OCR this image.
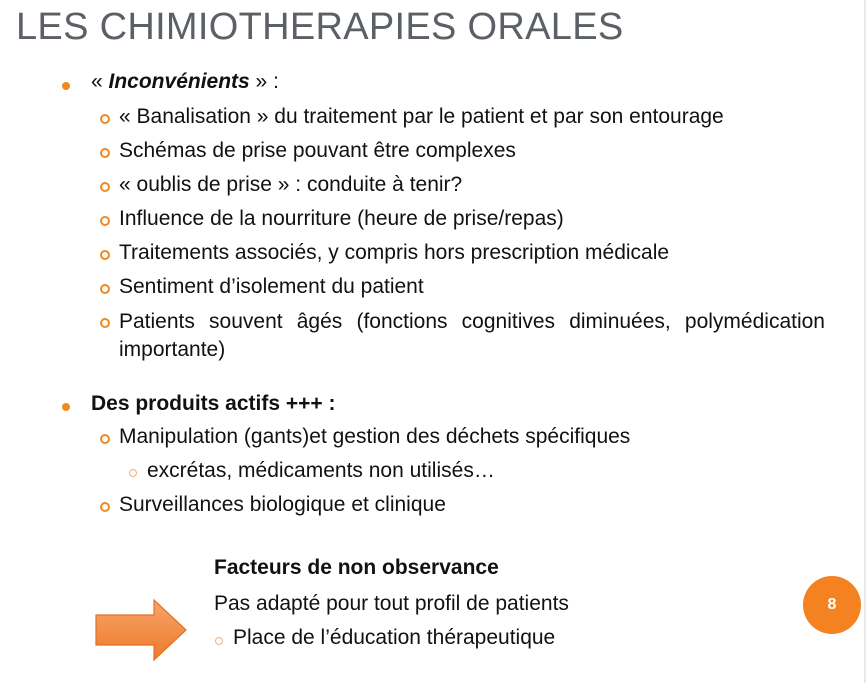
LES CHIMIOTHERAPIES ORALES
« Inconvénients » :
« Banalisation » du traitement par le patient et par son entourage
Schémas de prise pouvant être complexes
« oublis de prise » : conduite à tenir?
Influence de la nourriture (heure de prise/repas)
Traitements associés, y compris hors prescription médicale
Sentiment d’isolement du patient
Patients souvent âgés (fonctions cognitives diminuées, polymédication importante)
Des produits actifs +++ :
Manipulation (gants)et gestion des déchets spécifiques
excrétas, médicaments non utilisés…
Surveillances biologique et clinique
Facteurs de non observance
Pas adapté pour tout profil de patients
Place de l’éducation thérapeutique
8
